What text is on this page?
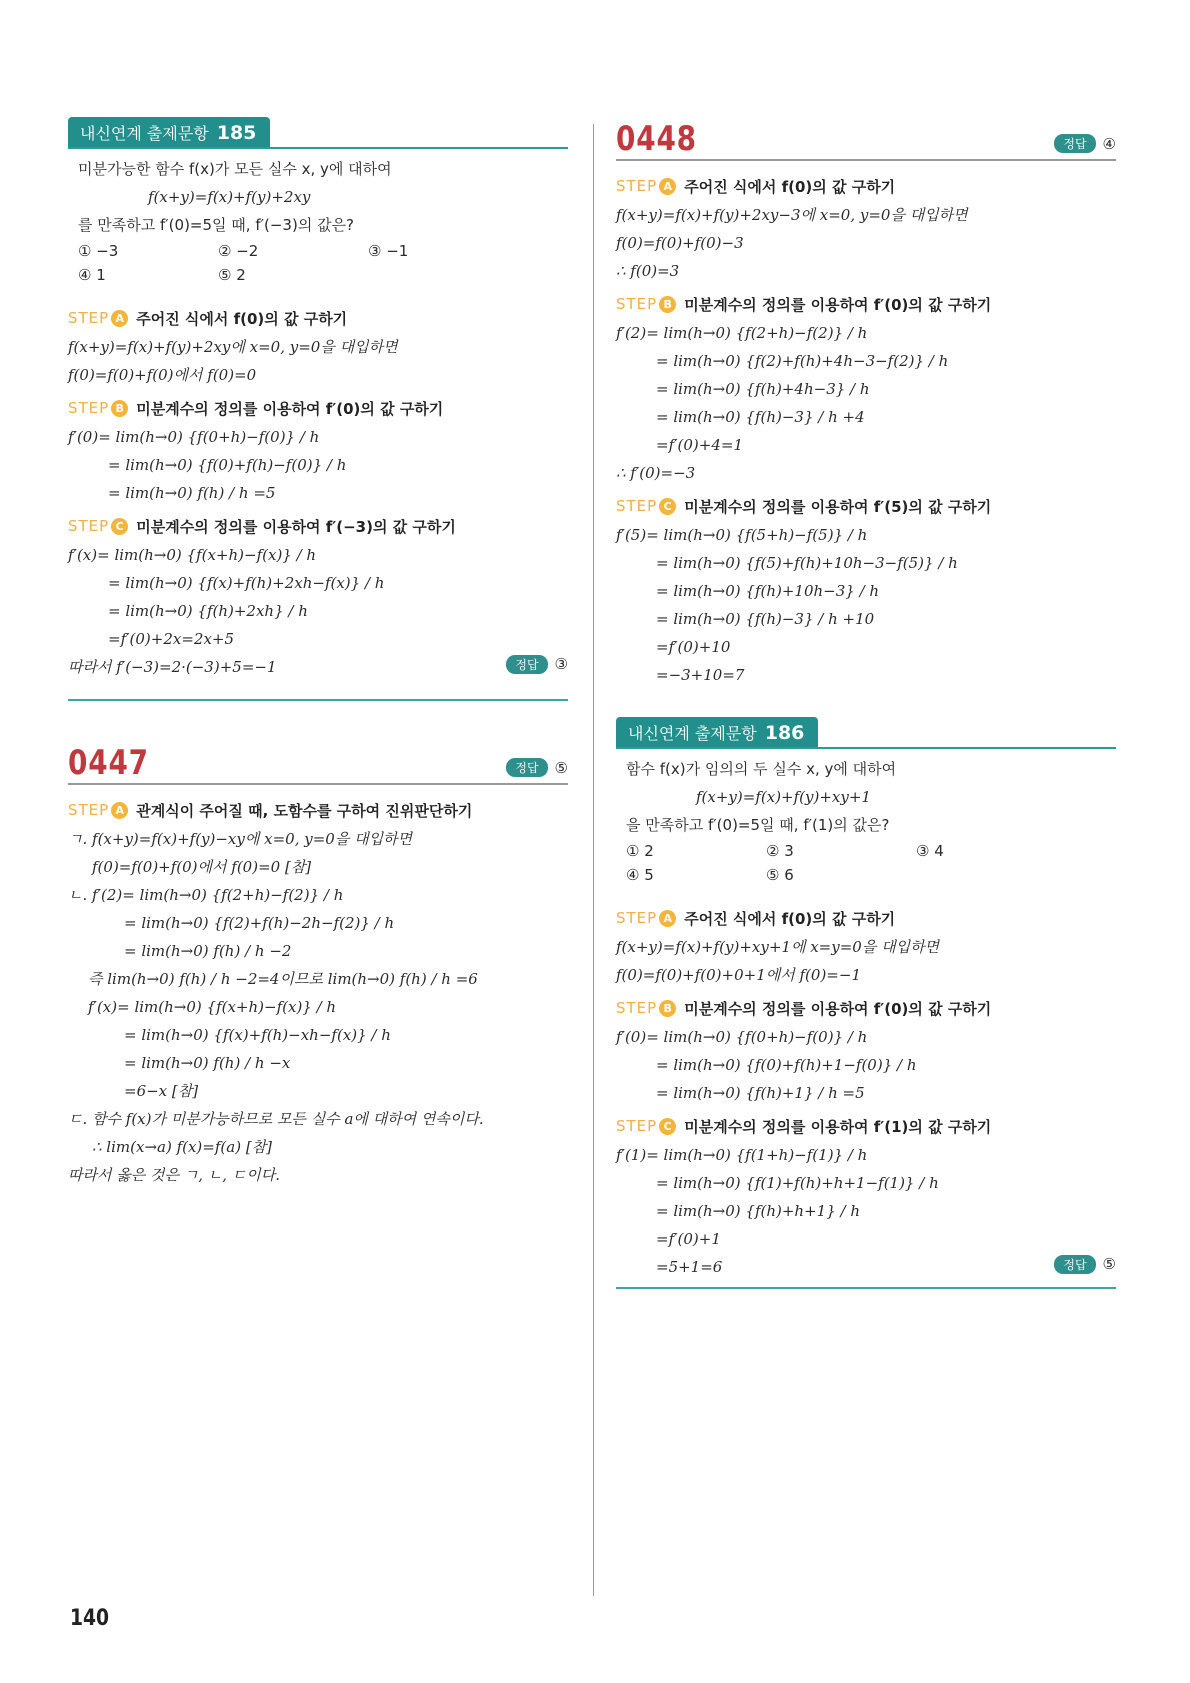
내신연계 출제문항 185
미분가능한 함수 f(x)가 모든 실수 x, y에 대하여
f(x+y)=f(x)+f(y)+2xy
를 만족하고 f′(0)=5일 때, f′(−3)의 값은?
① −3	② −2	③ −1
④ 1	⑤ 2
STEP A 주어진 식에서 f(0)의 값 구하기
f(x+y)=f(x)+f(y)+2xy에 x=0, y=0을 대입하면
f(0)=f(0)+f(0)에서 f(0)=0
STEP B 미분계수의 정의를 이용하여 f′(0)의 값 구하기
f′(0)= lim(h→0) {f(0+h)−f(0)} / h
= lim(h→0) {f(0)+f(h)−f(0)} / h
= lim(h→0) f(h) / h =5
STEP C 미분계수의 정의를 이용하여 f′(−3)의 값 구하기
f′(x)= lim(h→0) {f(x+h)−f(x)} / h
= lim(h→0) {f(x)+f(h)+2xh−f(x)} / h
= lim(h→0) {f(h)+2xh} / h
=f′(0)+2x=2x+5
따라서 f′(−3)=2·(−3)+5=−1	정답	③
0447	정답	⑤
STEP A 관계식이 주어질 때, 도함수를 구하여 진위판단하기
ㄱ. f(x+y)=f(x)+f(y)−xy에 x=0, y=0을 대입하면
f(0)=f(0)+f(0)에서 f(0)=0 [참]
ㄴ. f′(2)= lim(h→0) {f(2+h)−f(2)} / h
= lim(h→0) {f(2)+f(h)−2h−f(2)} / h
= lim(h→0) f(h) / h −2
즉 lim(h→0) f(h) / h −2=4이므로 lim(h→0) f(h) / h =6
f′(x)= lim(h→0) {f(x+h)−f(x)} / h
= lim(h→0) {f(x)+f(h)−xh−f(x)} / h
= lim(h→0) f(h) / h −x
=6−x [참]
ㄷ. 함수 f(x)가 미분가능하므로 모든 실수 a에 대하여 연속이다.
∴ lim(x→a) f(x)=f(a) [참]
따라서 옳은 것은 ㄱ, ㄴ, ㄷ이다.
0448	정답	④
STEP A 주어진 식에서 f(0)의 값 구하기
f(x+y)=f(x)+f(y)+2xy−3에 x=0, y=0을 대입하면
f(0)=f(0)+f(0)−3
∴ f(0)=3
STEP B 미분계수의 정의를 이용하여 f′(0)의 값 구하기
f′(2)= lim(h→0) {f(2+h)−f(2)} / h
= lim(h→0) {f(2)+f(h)+4h−3−f(2)} / h
= lim(h→0) {f(h)+4h−3} / h
= lim(h→0) {f(h)−3} / h +4
=f′(0)+4=1
∴ f′(0)=−3
STEP C 미분계수의 정의를 이용하여 f′(5)의 값 구하기
f′(5)= lim(h→0) {f(5+h)−f(5)} / h
= lim(h→0) {f(5)+f(h)+10h−3−f(5)} / h
= lim(h→0) {f(h)+10h−3} / h
= lim(h→0) {f(h)−3} / h +10
=f′(0)+10
=−3+10=7
내신연계 출제문항 186
함수 f(x)가 임의의 두 실수 x, y에 대하여
f(x+y)=f(x)+f(y)+xy+1
을 만족하고 f′(0)=5일 때, f′(1)의 값은?
① 2	② 3	③ 4
④ 5	⑤ 6
STEP A 주어진 식에서 f(0)의 값 구하기
f(x+y)=f(x)+f(y)+xy+1에 x=y=0을 대입하면
f(0)=f(0)+f(0)+0+1에서 f(0)=−1
STEP B 미분계수의 정의를 이용하여 f′(0)의 값 구하기
f′(0)= lim(h→0) {f(0+h)−f(0)} / h
= lim(h→0) {f(0)+f(h)+1−f(0)} / h
= lim(h→0) {f(h)+1} / h =5
STEP C 미분계수의 정의를 이용하여 f′(1)의 값 구하기
f′(1)= lim(h→0) {f(1+h)−f(1)} / h
= lim(h→0) {f(1)+f(h)+h+1−f(1)} / h
= lim(h→0) {f(h)+h+1} / h
=f′(0)+1
=5+1=6	정답	⑤
140
